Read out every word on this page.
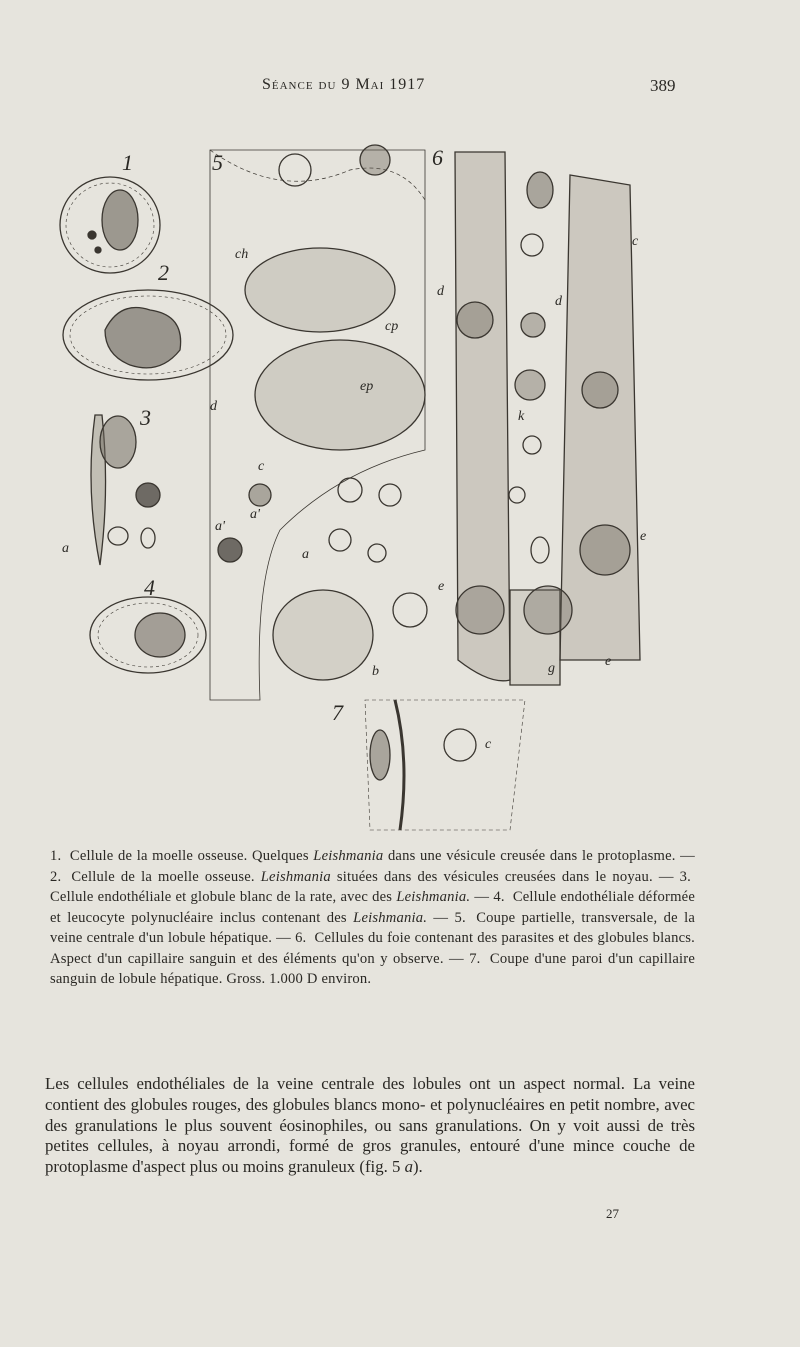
Séance du 9 Mai 1917	389
1
2
3
4
5	6
7
a	a
a'
a'
b
c
c
c
d
d
d
e
e
e
g
k
ch
cp
ep
1. Cellule de la moelle osseuse. Quelques Leishmania dans une vésicule creusée dans le protoplasme. — 2. Cellule de la moelle osseuse. Leishmania situées dans des vésicules creusées dans le noyau. — 3. Cellule endothéliale et globule blanc de la rate, avec des Leishmania. — 4. Cellule endothéliale déformée et leucocyte polynucléaire inclus contenant des Leishmania. — 5. Coupe partielle, transversale, de la veine centrale d'un lobule hépatique. — 6. Cellules du foie contenant des parasites et des globules blancs. Aspect d'un capillaire sanguin et des éléments qu'on y observe. — 7. Coupe d'une paroi d'un capillaire sanguin de lobule hépatique. Gross. 1.000 D environ.
Les cellules endothéliales de la veine centrale des lobules ont un aspect normal. La veine contient des globules rouges, des globules blancs mono- et polynucléaires en petit nombre, avec des granulations le plus souvent éosinophiles, ou sans granulations. On y voit aussi de très petites cellules, à noyau arrondi, formé de gros granules, entouré d'une mince couche de protoplasme d'aspect plus ou moins granuleux (fig. 5 a).
27
